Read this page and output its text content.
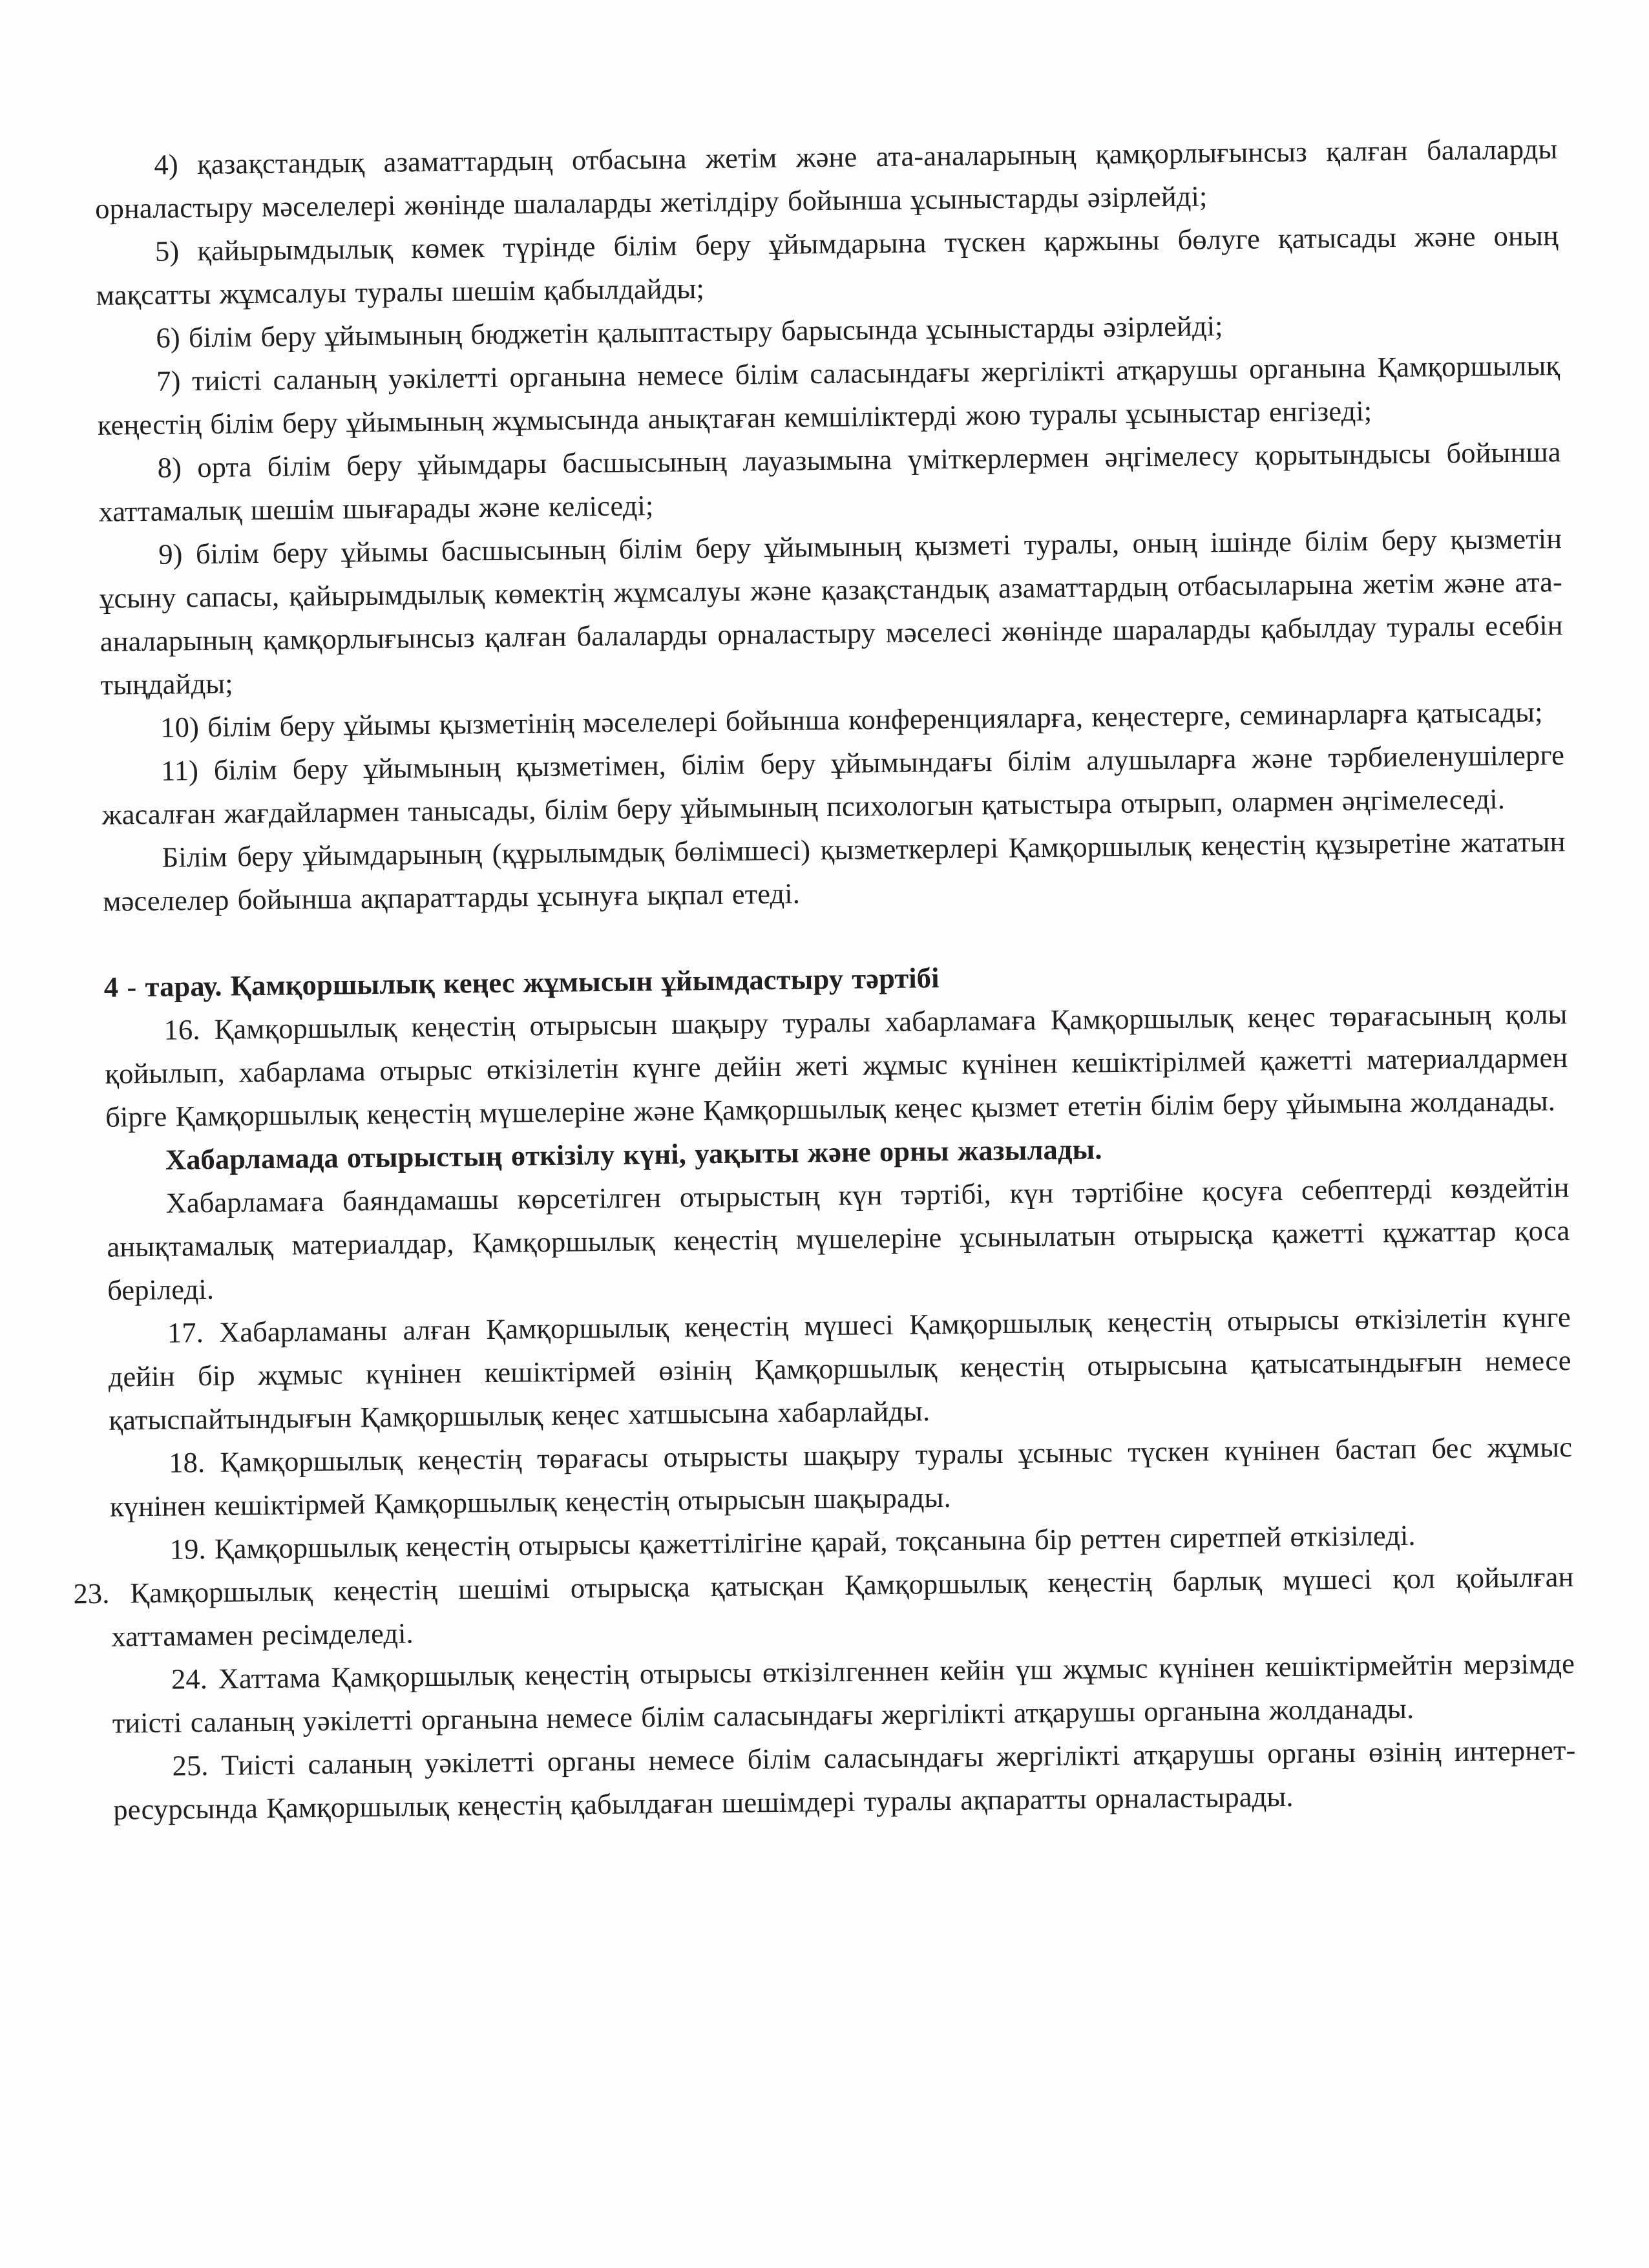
4) қазақстандық азаматтардың отбасына жетім және ата-аналарының қамқорлығынсыз қалған балаларды орналастыру мәселелері жөнінде шалаларды жетілдіру бойынша ұсыныстарды әзірлейді;

5) қайырымдылық көмек түрінде білім беру ұйымдарына түскен қаржыны бөлуге қатысады және оның мақсатты жұмсалуы туралы шешім қабылдайды;

6) білім беру ұйымының бюджетін қалыптастыру барысында ұсыныстарды әзірлейді;

7) тиісті саланың уәкілетті органына немесе білім саласындағы жергілікті атқарушы органына Қамқоршылық кеңестің білім беру ұйымының жұмысында анықтаған кемшіліктерді жою туралы ұсыныстар енгізеді;

8) орта білім беру ұйымдары басшысының лауазымына үміткерлермен әңгімелесу қорытындысы бойынша хаттамалық шешім шығарады және келіседі;

9) білім беру ұйымы басшысының білім беру ұйымының қызметі туралы, оның ішінде білім беру қызметін ұсыну сапасы, қайырымдылық көмектің жұмсалуы және қазақстандық азаматтардың отбасыларына жетім және ата-аналарының қамқорлығынсыз қалған балаларды орналастыру мәселесі жөнінде шараларды қабылдау туралы есебін тыңдайды;

10) білім беру ұйымы қызметінің мәселелері бойынша конференцияларға, кеңестерге, семинарларға қатысады;

11) білім беру ұйымының қызметімен, білім беру ұйымындағы білім алушыларға және тәрбиеленушілерге жасалған жағдайлармен танысады, білім беру ұйымының психологын қатыстыра отырып, олармен әңгімелеседі.

Білім беру ұйымдарының (құрылымдық бөлімшесі) қызметкерлері Қамқоршылық кеңестің құзыретіне жататын мәселелер бойынша ақпараттарды ұсынуға ықпал етеді.

4 - тарау. Қамқоршылық кеңес жұмысын ұйымдастыру тәртібі

16. Қамқоршылық кеңестің отырысын шақыру туралы хабарламаға Қамқоршылық кеңес төрағасының қолы қойылып, хабарлама отырыс өткізілетін күнге дейін жеті жұмыс күнінен кешіктірілмей қажетті материалдармен бірге Қамқоршылық кеңестің мүшелеріне және Қамқоршылық кеңес қызмет ететін білім беру ұйымына жолданады.

Хабарламада отырыстың өткізілу күні, уақыты және орны жазылады.

Хабарламаға баяндамашы көрсетілген отырыстың күн тәртібі, күн тәртібіне қосуға себептерді көздейтін анықтамалық материалдар, Қамқоршылық кеңестің мүшелеріне ұсынылатын отырысқа қажетті құжаттар қоса беріледі.

17. Хабарламаны алған Қамқоршылық кеңестің мүшесі Қамқоршылық кеңестің отырысы өткізілетін күнге дейін бір жұмыс күнінен кешіктірмей өзінің Қамқоршылық кеңестің отырысына қатысатындығын немесе қатыспайтындығын Қамқоршылық кеңес хатшысына хабарлайды.

18. Қамқоршылық кеңестің төрағасы отырысты шақыру туралы ұсыныс түскен күнінен бастап бес жұмыс күнінен кешіктірмей Қамқоршылық кеңестің отырысын шақырады.

19. Қамқоршылық кеңестің отырысы қажеттілігіне қарай, тоқсанына бір реттен сиретпей өткізіледі.

23. Қамқоршылық кеңестің шешімі отырысқа қатысқан Қамқоршылық кеңестің барлық мүшесі қол қойылған хаттамамен ресімделеді.

24. Хаттама Қамқоршылық кеңестің отырысы өткізілгеннен кейін үш жұмыс күнінен кешіктірмейтін мерзімде тиісті саланың уәкілетті органына немесе білім саласындағы жергілікті атқарушы органына жолданады.

25. Тиісті саланың уәкілетті органы немесе білім саласындағы жергілікті атқарушы органы өзінің интернет-ресурсында Қамқоршылық кеңестің қабылдаған шешімдері туралы ақпаратты орналастырады.
